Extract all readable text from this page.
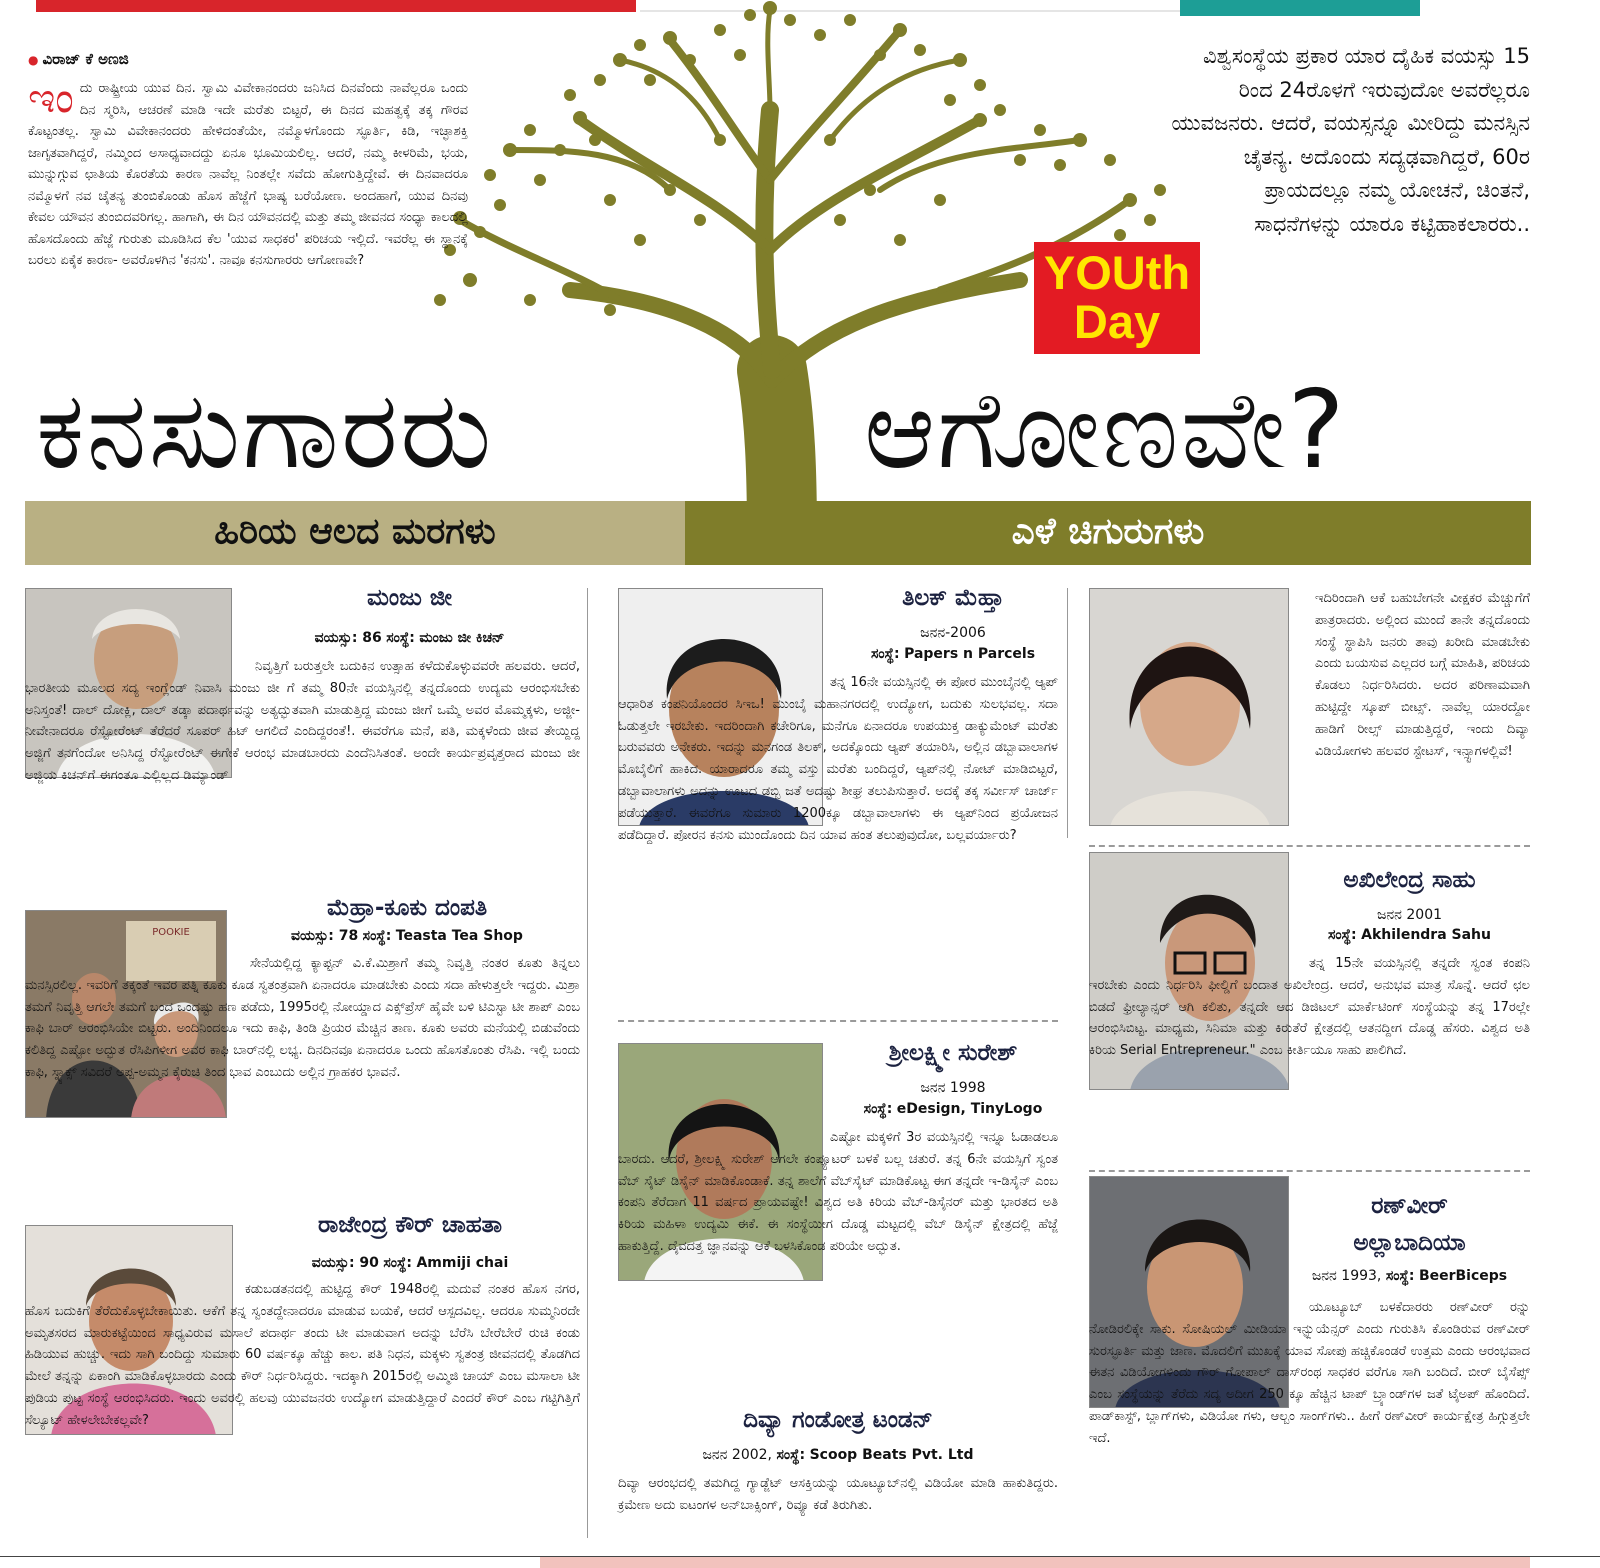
● ವಿರಾಜ್ ಕೆ ಅಣಜಿ
ಇಂದು ರಾಷ್ಟ್ರೀಯ ಯುವ ದಿನ. ಸ್ವಾಮಿ ವಿವೇಕಾನಂದರು ಜನಿಸಿದ ದಿನವೆಂದು ನಾವೆಲ್ಲರೂ ಒಂದು ದಿನ ಸ್ಮರಿಸಿ, ಆಚರಣೆ ಮಾಡಿ ಇದೇ ಮರೆತು ಬಿಟ್ಟರೆ, ಈ ದಿನದ ಮಹತ್ವಕ್ಕೆ ತಕ್ಕ ಗೌರವ ಕೊಟ್ಟಂತಲ್ಲ. ಸ್ವಾಮಿ ವಿವೇಕಾನಂದರು ಹೇಳಿದಂತೆಯೇ, ನಮ್ಮೊಳಗೊಂದು ಸ್ಫೂರ್ತಿ, ಕಿಡಿ, ಇಚ್ಛಾಶಕ್ತಿ ಜಾಗೃತವಾಗಿದ್ದರೆ, ನಮ್ಮಿಂದ ಅಸಾಧ್ಯವಾದದ್ದು ಏನೂ ಭೂಮಿಯಲಿಲ್ಲ. ಆದರೆ, ನಮ್ಮ ಕೀಳರಿಮೆ, ಭಯ, ಮುನ್ನುಗ್ಗುವ ಛಾತಿಯ ಕೊರತೆಯ ಕಾರಣ ನಾವೆಲ್ಲ ನಿಂತಲ್ಲೇ ಸವೆದು ಹೋಗುತ್ತಿದ್ದೇವೆ. ಈ ದಿನವಾದರೂ ನಮ್ಮೊಳಗೆ ನವ ಚೈತನ್ಯ ತುಂಬಿಕೊಂಡು ಹೊಸ ಹೆಜ್ಜೆಗೆ ಭಾಷ್ಯ ಬರೆಯೋಣ. ಅಂದಹಾಗೆ, ಯುವ ದಿನವು ಕೇವಲ ಯೌವನ ತುಂಬಿದವರಿಗಲ್ಲ. ಹಾಗಾಗಿ, ಈ ದಿನ ಯೌವನದಲ್ಲಿ ಮತ್ತು ತಮ್ಮ ಜೀವನದ ಸಂಧ್ಯಾ ಕಾಲದಲ್ಲಿ ಹೊಸದೊಂದು ಹೆಜ್ಜೆ ಗುರುತು ಮೂಡಿಸಿದ ಕೆಲ 'ಯುವ ಸಾಧಕರ' ಪರಿಚಯ ಇಲ್ಲಿದೆ. ಇವರೆಲ್ಲ ಈ ಸ್ಥಾನಕ್ಕೆ ಬರಲು ಏಕೈಕ ಕಾರಣ- ಅವರೊಳಗಿನ 'ಕನಸು'. ನಾವೂ ಕನಸುಗಾರರು ಆಗೋಣವೇ?
ವಿಶ್ವಸಂಸ್ಥೆಯ ಪ್ರಕಾರ ಯಾರ ದೈಹಿಕ ವಯಸ್ಸು 15 ರಿಂದ 24ರೊಳಗೆ ಇರುವುದೋ ಅವರೆಲ್ಲರೂ ಯುವಜನರು. ಆದರೆ, ವಯಸ್ಸನ್ನೂ ಮೀರಿದ್ದು ಮನಸ್ಸಿನ ಚೈತನ್ಯ. ಅದೊಂದು ಸದ್ಯಢವಾಗಿದ್ದರೆ, 60ರ ಪ್ರಾಯದಲ್ಲೂ ನಮ್ಮ ಯೋಚನೆ, ಚಿಂತನೆ, ಸಾಧನೆಗಳನ್ನು ಯಾರೂ ಕಟ್ಟಿಹಾಕಲಾರರು..
YOUth
Day
ಕನಸುಗಾರರು	ಆಗೋಣವೇ?
ಹಿರಿಯ ಆಲದ ಮರಗಳು	ಎಳೆ ಚಿಗುರುಗಳು
ಮಂಜು ಜೀ
ವಯಸ್ಸು: 86 ಸಂಸ್ಥೆ: ಮಂಜು ಜೀ ಕಿಚನ್
ನಿವೃತ್ತಿಗೆ ಬರುತ್ತಲೇ ಬದುಕಿನ ಉತ್ಸಾಹ ಕಳೆದುಕೊಳ್ಳುವವರೇ ಹಲವರು. ಆದರೆ, ಭಾರತೀಯ ಮೂಲದ ಸದ್ಯ ಇಂಗ್ಲೆಂಡ್ ನಿವಾಸಿ ಮಂಜು ಜೀ ಗೆ ತಮ್ಮ 80ನೇ ವಯಸ್ಸಿನಲ್ಲಿ ತನ್ನದೊಂದು ಉದ್ಯಮ ಆರಂಭಿಸಬೇಕು ಅನಿಸ್ತಂತೆ! ದಾಲ್ ದೋಕ್ಲಿ, ದಾಲ್ ತಡ್ಕಾ ಪದಾರ್ಥವನ್ನು ಅತ್ಯದ್ಭುತವಾಗಿ ಮಾಡುತ್ತಿದ್ದ ಮಂಜು ಜೀಗೆ ಒಮ್ಮೆ ಅವರ ಮೊಮ್ಮಕ್ಕಳು, ಅಜ್ಜೀ-ನೀವೇನಾದರೂ ರೆಸ್ಟೋರೆಂಟ್ ತೆರೆದರೆ ಸೂಪರ್ ಹಿಟ್ ಆಗಲಿದೆ ಎಂದಿದ್ದರಂತೆ!. ಈವರೆಗೂ ಮನೆ, ಪತಿ, ಮಕ್ಕಳೆಂದು ಜೀವ ತೇಯ್ದಿದ್ದ ಅಜ್ಜಿಗೆ ತನಗೆಂದೋ ಅನಿಸಿದ್ದ ರೆಸ್ಟೋರೆಂಟ್ ಈಗೇಕೆ ಆರಂಭ ಮಾಡಬಾರದು ಎಂದೆನಿಸಿತಂತೆ. ಅಂದೇ ಕಾರ್ಯಪ್ರವೃತ್ತರಾದ ಮಂಜು ಜೀ ಅಜ್ಜಿಯ ಕಿಚನ್‌ಗೆ ಈಗಂತೂ ಎಲ್ಲಿಲ್ಲದ ಡಿಮ್ಯಾಂಡ್
POOKIE
ಮೆಹ್ರಾ-ಕೂಕು ದಂಪತಿ
ವಯಸ್ಸು: 78 ಸಂಸ್ಥೆ: Teasta Tea Shop
ಸೇನೆಯಲ್ಲಿದ್ದ ಕ್ಯಾಪ್ಟನ್ ವಿ.ಕೆ.ಮಿಶ್ರಾಗೆ ತಮ್ಮ ನಿವೃತ್ತಿ ನಂತರ ಕೂತು ತಿನ್ನಲು ಮನಸ್ಸಿರಲಿಲ್ಲ. ಇವರಿಗೆ ತಕ್ಕಂತೆ ಇವರ ಪತ್ನಿ ಕೂಕು ಕೂಡ ಸ್ವತಂತ್ರವಾಗಿ ಏನಾದರೂ ಮಾಡಬೇಕು ಎಂದು ಸದಾ ಹೇಳುತ್ತಲೇ ಇದ್ದರು. ಮಿಶ್ರಾ ತಮಗೆ ನಿವೃತ್ತಿ ಆಗಲೇ ತಮಗೆ ಬಂದ ಒಂದಷ್ಟು ಹಣ ಪಡೆದು, 1995ರಲ್ಲಿ ನೋಯ್ಡಾದ ಎಕ್ಸ್‌ಪ್ರೆಸ್ ಹೈವೇ ಬಳಿ ಟಿಎಸ್ಟಾ ಟೀ ಶಾಪ್ ಎಂಬ ಕಾಫಿ ಬಾರ್ ಆರಂಭಿಸಿಯೇ ಬಿಟ್ಟರು. ಅಂದಿನಿಂದಲೂ ಇದು ಕಾಫಿ, ತಿಂಡಿ ಪ್ರಿಯರ ಮೆಚ್ಚಿನ ತಾಣ. ಕೂಕು ಅವರು ಮನೆಯಲ್ಲಿ ಬಿಡುವೆಂದು ಕಲಿತಿದ್ದ ಎಷ್ಟೋ ಅದ್ಭುತ ರೆಸಿಪಿಗಳೀಗ ಅವರ ಕಾಫಿ ಬಾರ್‌ನಲ್ಲಿ ಲಭ್ಯ. ದಿನದಿನವೂ ಏನಾದರೂ ಒಂದು ಹೊಸತೊಂತು ರೆಸಿಪಿ. ಇಲ್ಲಿ ಬಂದು ಕಾಫಿ, ಸ್ನ್ಯಾಕ್ಸ್ ಸವಿದರೆ ಅಪ್ಪ-ಅಮ್ಮನ ಕೈರುಚಿ ತಿಂದ ಭಾವ ಎಂಬುದು ಅಲ್ಲಿನ ಗ್ರಾಹಕರ ಭಾವನೆ.
ರಾಜೇಂದ್ರ ಕೌರ್ ಚಾಹತಾ
ವಯಸ್ಸು: 90 ಸಂಸ್ಥೆ: Ammiji chai
ಕಡುಬಡತನದಲ್ಲಿ ಹುಟ್ಟಿದ್ದ ಕೌರ್ 1948ರಲ್ಲಿ ಮದುವೆ ನಂತರ ಹೊಸ ನಗರ, ಹೊಸ ಬದುಕಿಗೆ ತೆರೆದುಕೊಳ್ಳಬೇಕಾಯಿತು. ಆಕೆಗೆ ತನ್ನ ಸ್ವಂತದ್ದೇನಾದರೂ ಮಾಡುವ ಬಯಕೆ, ಆದರೆ ಆಸ್ಪದವಿಲ್ಲ. ಆದರೂ ಸುಮ್ಮನಿರದೇ ಅಮೃತಸರದ ಮಾರುಕಟ್ಟೆಯಿಂದ ಸಾಧ್ಯವಿರುವ ಮಸಾಲೆ ಪದಾರ್ಥ ತಂದು ಟೀ ಮಾಡುವಾಗ ಅದನ್ನು ಬೆರೆಸಿ ಬೇರೆಬೇರೆ ರುಚಿ ಕಂಡು ಹಿಡಿಯುವ ಹುಚ್ಚು. ಇದು ಸಾಗಿ ಬಂದಿದ್ದು ಸುಮಾರು 60 ವರ್ಷಕ್ಕೂ ಹೆಚ್ಚು ಕಾಲ. ಪತಿ ನಿಧನ, ಮಕ್ಕಳು ಸ್ವತಂತ್ರ ಜೀವನದಲ್ಲಿ ತೊಡಗಿದ ಮೇಲೆ ತನ್ನನ್ನು ಏಕಾಂಗಿ ಮಾಡಿಕೊಳ್ಳಬಾರದು ಎಂದು ಕೌರ್ ನಿರ್ಧರಿಸಿದ್ದರು. ಇದಕ್ಕಾಗಿ 2015ರಲ್ಲಿ ಅಮ್ಮಿಜಿ ಚಾಯ್ ಎಂಬ ಮಸಾಲಾ ಟೀ ಪುಡಿಯ ಪುಟ್ಟ ಸಂಸ್ಥೆ ಆರಂಭಿಸಿದರು. ಇಂದು ಅವರಲ್ಲಿ ಹಲವು ಯುವಜನರು ಉದ್ಯೋಗ ಮಾಡುತ್ತಿದ್ದಾರೆ ಎಂದರೆ ಕೌರ್ ಎಂಬ ಗಟ್ಟಿಗಿತ್ತಿಗೆ ಸೆಲ್ಯೂಟ್ ಹೇಳಲೇಬೇಕಲ್ಲವೇ?
ತಿಲಕ್ ಮೆಹ್ತಾ
ಜನನ-2006
ಸಂಸ್ಥೆ: Papers n Parcels
ತನ್ನ 16ನೇ ವಯಸ್ಸಿನಲ್ಲಿ ಈ ಪೋರ ಮುಂಬೈನಲ್ಲಿ ಆ್ಯಪ್ ಆಧಾರಿತ ಕಂಪನಿಯೊಂದರ ಸಿಇಒ! ಮುಂಬೈ ಮಹಾನಗರದಲ್ಲಿ ಉದ್ಯೋಗ, ಬದುಕು ಸುಲಭವಲ್ಲ. ಸದಾ ಓಡುತ್ತಲೇ ಇರಬೇಕು. ಇದರಿಂದಾಗಿ ಕಚೇರಿಗೂ, ಮನೆಗೂ ಏನಾದರೂ ಉಪಯುಕ್ತ ಡಾಕ್ಯುಮೆಂಟ್ ಮರೆತು ಬರುವವರು ಅನೇಕರು. ಇದನ್ನು ಮನಗಂಡ ತಿಲಕ್, ಅದಕ್ಕೊಂದು ಆ್ಯಪ್ ತಯಾರಿಸಿ, ಅಲ್ಲಿನ ಡಬ್ಬಾವಾಲಾಗಳ ಮೊಬೈಲಿಗೆ ಹಾಕಿದ. ಯಾರಾದರೂ ತಮ್ಮ ವಸ್ತು ಮರೆತು ಬಂದಿದ್ದರೆ, ಆ್ಯಪ್‌ನಲ್ಲಿ ನೋಟ್ ಮಾಡಿಬಿಟ್ಟರೆ, ಡಬ್ಬಾವಾಲಾಗಳು ಅದನ್ನು ಊಟದ ಡಬ್ಬಿ ಜತೆ ಅದಷ್ಟು ಶೀಘ್ರ ತಲುಪಿಸುತ್ತಾರೆ. ಅದಕ್ಕೆ ತಕ್ಕ ಸರ್ವೀಸ್ ಚಾರ್ಜ್ ಪಡೆಯುತ್ತಾರೆ. ಈವರೆಗೂ ಸುಮಾರು 1200ಕ್ಕೂ ಡಬ್ಬಾವಾಲಾಗಳು ಈ ಆ್ಯಪ್‌ನಿಂದ ಪ್ರಯೋಜನ ಪಡೆದಿದ್ದಾರೆ. ಪೋರನ ಕನಸು ಮುಂದೊಂದು ದಿನ ಯಾವ ಹಂತ ತಲುಪುವುದೋ, ಬಲ್ಲವರ್ಯಾರು?
ಶ್ರೀಲಕ್ಷ್ಮೀ ಸುರೇಶ್
ಜನನ 1998
ಸಂಸ್ಥೆ: eDesign, TinyLogo
ಎಷ್ಟೋ ಮಕ್ಕಳಿಗೆ 3ರ ವಯಸ್ಸಿನಲ್ಲಿ ಇನ್ನೂ ಓಡಾಡಲೂ ಬಾರದು. ಆದರೆ, ಶ್ರೀಲಕ್ಷ್ಮಿ ಸುರೇಶ್ ಆಗಲೇ ಕಂಪ್ಯೂಟರ್ ಬಳಕೆ ಬಲ್ಲ ಚತುರೆ. ತನ್ನ 6ನೇ ವಯಸ್ಸಿಗೆ ಸ್ವಂತ ವೆಬ್ ಸೈಟ್ ಡಿಸೈನ್ ಮಾಡಿಕೊಂಡಾಕೆ. ತನ್ನ ಶಾಲೆಗೆ ವೆಬ್‌ಸೈಟ್ ಮಾಡಿಕೊಟ್ಟ ಈಗ ತನ್ನದೇ ಇ-ಡಿಸೈನ್ ಎಂಬ ಕಂಪನಿ ತೆರೆದಾಗ 11 ವರ್ಷದ ಪ್ರಾಯವಷ್ಟೇ! ವಿಶ್ವದ ಅತಿ ಕಿರಿಯ ವೆಬ್-ಡಿಸೈನರ್ ಮತ್ತು ಭಾರತದ ಅತಿ ಕಿರಿಯ ಮಹಿಳಾ ಉದ್ಯಮಿ ಈಕೆ. ಈ ಸಂಸ್ಥೆಯೀಗ ದೊಡ್ಡ ಮಟ್ಟದಲ್ಲಿ ವೆಬ್ ಡಿಸೈನ್ ಕ್ಷೇತ್ರದಲ್ಲಿ ಹೆಜ್ಜೆ ಹಾಕುತ್ತಿದ್ದೆ. ದೈವದತ್ತ ಜ್ಞಾನವನ್ನು ಆಕೆ ಬಳಸಿಕೊಂಡ ಪರಿಯೇ ಅದ್ಭುತ.
ದಿವ್ಯಾ ಗಂಡೋತ್ರ ಟಂಡನ್
ಜನನ 2002, ಸಂಸ್ಥೆ: Scoop Beats Pvt. Ltd
ದಿವ್ಯಾ ಆರಂಭದಲ್ಲಿ ತಮಗಿದ್ದ ಗ್ಯಾಡ್ಜೆಟ್ ಆಸಕ್ತಿಯನ್ನು ಯೂಟ್ಯೂಬ್‌ನಲ್ಲಿ ವಿಡಿಯೋ ಮಾಡಿ ಹಾಕುತಿದ್ದರು. ಕ್ರಮೇಣ ಅದು ಐಟಂಗಳ ಅನ್‌ಬಾಕ್ಸಿಂಗ್, ರಿವ್ಯೂ ಕಡೆ ತಿರುಗಿತು.
ಇದಿರಿಂದಾಗಿ ಆಕೆ ಬಹುಬೇಗನೇ ವೀಕ್ಷಕರ ಮೆಚ್ಚುಗೆಗೆ ಪಾತ್ರರಾದರು. ಅಲ್ಲಿಂದ ಮುಂದೆ ತಾನೇ ತನ್ನದೊಂದು ಸಂಸ್ಥೆ ಸ್ಥಾಪಿಸಿ ಜನರು ತಾವು ಖರೀದಿ ಮಾಡಬೇಕು ಎಂದು ಬಯಸುವ ಎಲ್ಲದರ ಬಗ್ಗೆ ಮಾಹಿತಿ, ಪರಿಚಯ ಕೊಡಲು ನಿರ್ಧರಿಸಿದರು. ಅದರ ಪರಿಣಾಮವಾಗಿ ಹುಟ್ಟಿದ್ದೇ ಸ್ಕೂಪ್ ಬೀಟ್ಸ್. ನಾವೆಲ್ಲ ಯಾರದ್ದೋ ಹಾಡಿಗೆ ರೀಲ್ಸ್ ಮಾಡುತ್ತಿದ್ದರೆ, ಇಂದು ದಿವ್ಯಾ ವಿಡಿಯೋಗಳು ಹಲವರ ಸ್ಟೇಟಸ್, ಇನ್ಸ್ಟಾಗಳಲ್ಲಿವೆ!
ಅಖಿಲೇಂದ್ರ ಸಾಹು
ಜನನ 2001
ಸಂಸ್ಥೆ: Akhilendra Sahu
ತನ್ನ 15ನೇ ವಯಸ್ಸಿನಲ್ಲಿ ತನ್ನದೇ ಸ್ವಂತ ಕಂಪನಿ ಇರಬೇಕು ಎಂದು ನಿರ್ಧರಿಸಿ ಫೀಲ್ಡಿಗೆ ಬಂದಾತ ಅಖಿಲೇಂದ್ರ. ಆದರೆ, ಅನುಭವ ಮಾತ್ರ ಸೊನ್ನೆ. ಆದರೆ ಛಲ ಬಿಡದೆ ಫ್ರೀಲ್ಯಾನ್ಸರ್ ಆಗಿ ಕಲಿತು, ತನ್ನದೇ ಆದ ಡಿಜಿಟಲ್ ಮಾರ್ಕೆಟಿಂಗ್ ಸಂಸ್ಥೆಯನ್ನು ತನ್ನ 17ರಲ್ಲೇ ಆರಂಭಿಸಿಬಿಟ್ಟ. ಮಾಧ್ಯಮ, ಸಿನಿಮಾ ಮತ್ತು ಕಿರುತೆರೆ ಕ್ಷೇತ್ರದಲ್ಲಿ ಆತನದ್ದೀಗ ದೊಡ್ಡ ಹೆಸರು. ವಿಶ್ವದ ಅತಿ ಕಿರಿಯ Serial Entrepreneur." ಎಂಬ ಕೀರ್ತಿಯೂ ಸಾಹು ಪಾಲಿಗಿದೆ.
ರಣ್‌ವೀರ್
ಅಲ್ಲಾಬಾದಿಯಾ
ಜನನ 1993, ಸಂಸ್ಥೆ: BeerBiceps
ಯೂಟ್ಯೂಬ್ ಬಳಕೆದಾರರು ರಣ್‌ವೀರ್ ರನ್ನು ನೋಡಿರಲಿಕ್ಕೇ ಸಾಕು. ಸೋಷಿಯಲ್ ಮೀಡಿಯಾ ಇನ್ಫ್ಲುಯೆನ್ಸರ್ ಎಂದು ಗುರುತಿಸಿ ಕೊಂಡಿರುವ ರಣ್‌ವೀರ್ ಸುರಸ್ಫೂರ್ತಿ ಮತ್ತು ಜಾಣ. ಮೊದಲಿಗೆ ಮುಖಕ್ಕೆ ಯಾವ ಸೋಪು ಹಚ್ಚಿಕೊಂಡರೆ ಉತ್ತಮ ಎಂದು ಆರಂಭವಾದ ಈತನ ವಿಡಿಯೋಗಳಿಂದು ಗೌರ್ ಗೋಪಾಲ್ ದಾಸ್‌ರಂಥ ಸಾಧಕರ ವರೆಗೂ ಸಾಗಿ ಬಂದಿದೆ. ಬೀರ್ ಬೈಸೆಪ್ಸ್ ಎಂಬ ಸಂಸ್ಥೆಯನ್ನು ತೆರೆದು ಸದ್ಯ ಅದೀಗ 250 ಕ್ಕೂ ಹೆಚ್ಚಿನ ಟಾಪ್ ಬ್ರ್ಯಾಂಡ್‌ಗಳ ಜತೆ ಟೈಅಪ್ ಹೊಂದಿದೆ. ಪಾಡ್‌ಕಾಸ್ಟ್, ಬ್ಲಾಗ್‌ಗಳು, ವಿಡಿಯೋ ಗಳು, ಆಲ್ಬಂ ಸಾಂಗ್‌ಗಳು.. ಹೀಗೆ ರಣ್‌ವೀರ್ ಕಾರ್ಯಕ್ಷೇತ್ರ ಹಿಗ್ಗುತ್ತಲೇ ಇದೆ.
